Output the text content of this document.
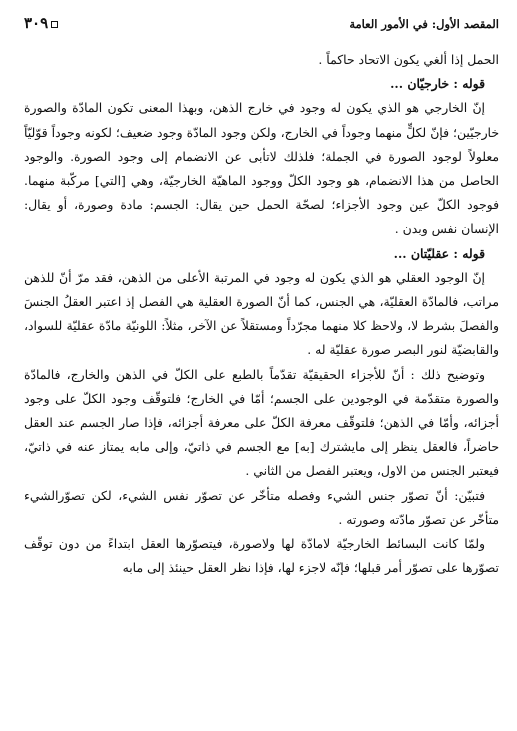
المقصد الأول: في الأمور العامة
٣٠٩

الحمل إذا ألغي يكون الاتحاد حاكماً .

قوله : خارجيّان ...

إنّ الخارجي هو الذي يكون له وجود في خارج الذهن، وبهذا المعنى تكون المادّة والصورة خارجيّين؛ فإنّ لكلٍّ منهما وجوداً في الخارج، ولكن وجود المادّة وجود ضعيف؛ لكونه وجوداً قوّليّاً معلولاً لوجود الصورة في الجملة؛ فلذلك لاتأبى عن الانضمام إلى وجود الصورة. والوجود الحاصل من هذا الانضمام، هو وجود الكلّ ووجود الماهيّة الخارجيّة، وهي [التي] مركّبة منهما. فوجود الكلّ عين وجود الأجزاء؛ لصحّة الحمل حين يقال: الجسم: مادة وصورة، أو يقال: الإنسان نفس وبدن .

قوله : عقليّتان ...

إنّ الوجود العقلي هو الذي يكون له وجود في المرتبة الأعلى من الذهن، فقد مرّ أنّ للذهن مراتب، فالمادّة العقليّة، هي الجنس، كما أنّ الصورة العقلية هي الفصل إذ اعتبر العقلُ الجنسَ والفصلَ بشرط لا، ولاحظ كلا منهما مجرّداً ومستقلاً عن الآخر، مثلاً: اللونيّة مادّة عقليّة للسواد، والقابضيّة لنور البصر صورة عقليّة له .

وتوضيح ذلك : أنّ للأجزاء الحقيقيّة تقدّماً بالطبع على الكلّ في الذهن والخارج، فالمادّة والصورة متقدّمة في الوجودين على الجسم؛ أمّا في الخارج؛ فلتوقّف وجود الكلّ على وجود أجزائه، وأمّا في الذهن؛ فلتوقّف معرفة الكلّ على معرفة أجزائه، فإذا صار الجسم عند العقل حاضراً، فالعقل ينظر إلى مايشترك [به] مع الجسم في ذاتيّ، وإلى مابه يمتاز عنه في ذاتيّ، فيعتبر الجنس من الاول، ويعتبر الفصل من الثاني .

فتبيّن: أنّ تصوّر جنس الشيء وفصله متأخّر عن تصوّر نفس الشيء، لكن تصوّرالشيء متأخّر عن تصوّر مادّته وصورته .

ولمّا كانت البسائط الخارجيّة لامادّة لها ولاصورة، فيتصوّرها العقل ابتداءً من دون توقّف تصوّرها على تصوّر أمر قبلها؛ فإنّه لاجزء لها، فإذا نظر العقل حينئذ إلى مابه
